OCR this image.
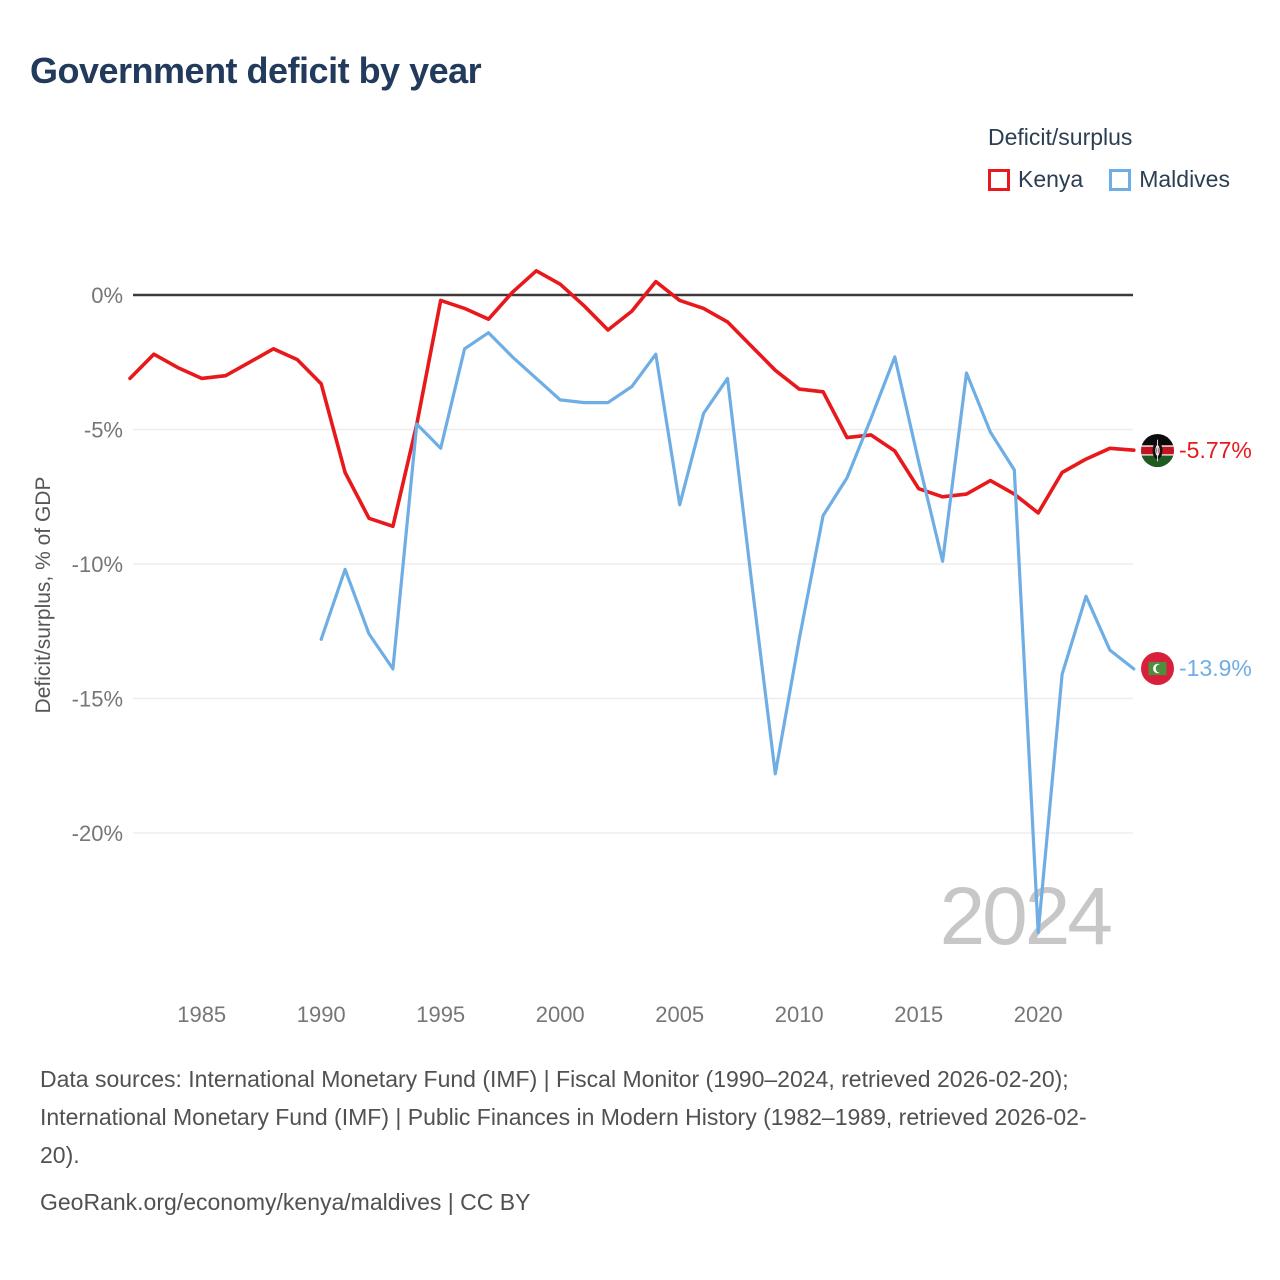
Government deficit by year
Deficit/surplus
Kenya Maldives
Deficit/surplus, % of GDP
0%
-5%
-10%
-15%
-20%
1985	1990	1995	2000	2005	2010	2015	2020
2024
-5.77%
-13.9%
Data sources: International Monetary Fund (IMF) | Fiscal Monitor (1990–2024, retrieved 2026-02-20);
International Monetary Fund (IMF) | Public Finances in Modern History (1982–1989, retrieved 2026-02-
20).
GeoRank.org/economy/kenya/maldives | CC BY
